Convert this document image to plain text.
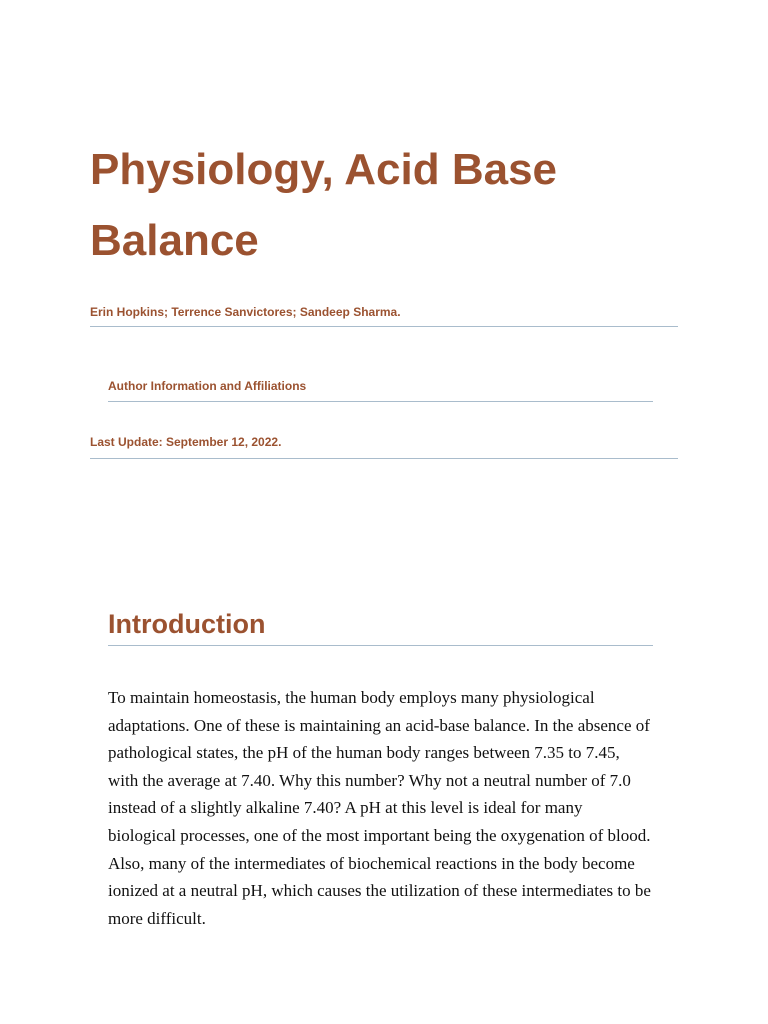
Physiology, Acid Base Balance

Erin Hopkins; Terrence Sanvictores; Sandeep Sharma.

Author Information and Affiliations

Last Update: September 12, 2022.

Introduction

To maintain homeostasis, the human body employs many physiological adaptations. One of these is maintaining an acid-base balance. In the absence of pathological states, the pH of the human body ranges between 7.35 to 7.45, with the average at 7.40. Why this number? Why not a neutral number of 7.0 instead of a slightly alkaline 7.40? A pH at this level is ideal for many biological processes, one of the most important being the oxygenation of blood. Also, many of the intermediates of biochemical reactions in the body become ionized at a neutral pH, which causes the utilization of these intermediates to be more difficult.
